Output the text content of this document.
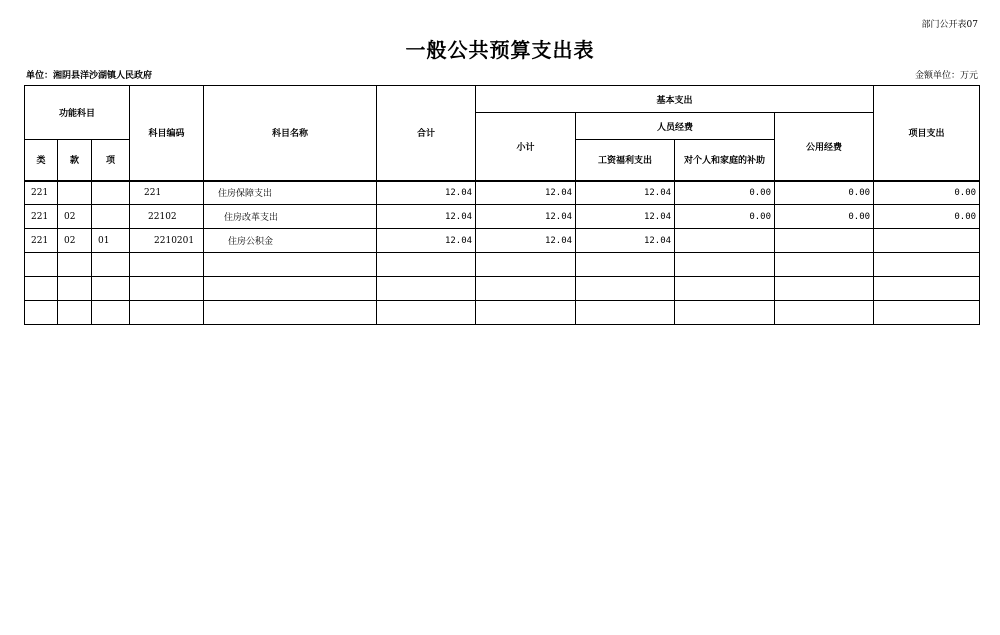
部门公开表07
一般公共预算支出表
单位：湘阴县洋沙湖镇人民政府	金额单位：万元
功能科目			科目编码	科目名称	合计	基本支出				项目支出
						小计	人员经费		公用经费	
类	款	项					工资福利支出	对个人和家庭的补助		
221			221	住房保障支出	12.04	12.04	12.04	0.00	0.00	0.00
221	02		22102	住房改革支出	12.04	12.04	12.04	0.00	0.00	0.00
221	02	01	2210201	住房公积金	12.04	12.04	12.04			
